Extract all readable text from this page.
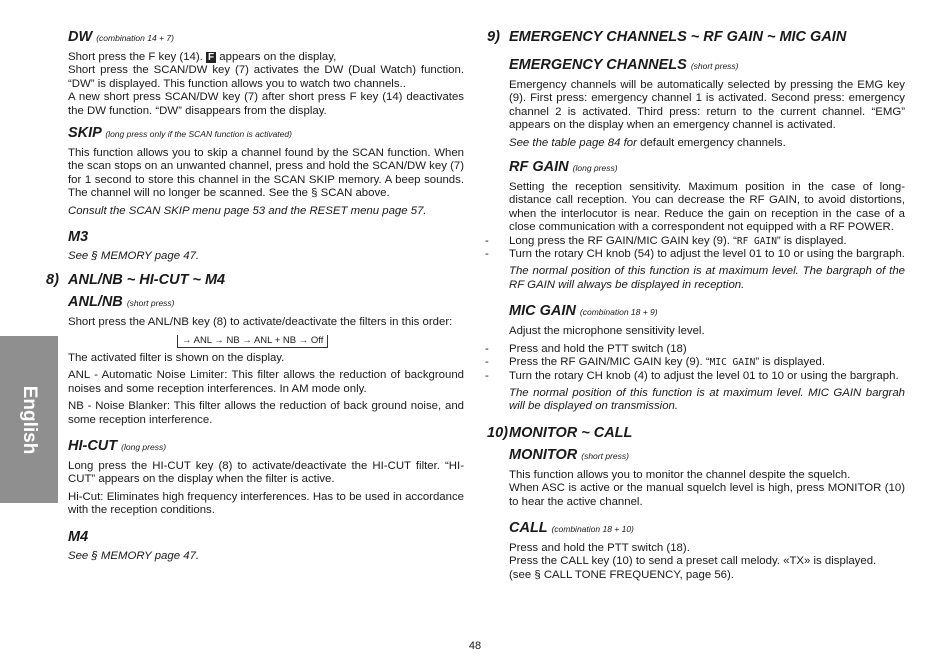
English
DW (combination 14 + 7)

Short press the F key (14). F appears on the display,

Short press the SCAN/DW key (7) activates the DW (Dual Watch) function. “DW” is displayed. This function allows you to watch two channels..

A new short press SCAN/DW key (7) after short press F key (14) deactivates the DW function. “DW” disappears from the display.

SKIP (long press only if the SCAN function is activated)

This function allows you to skip a channel found by the SCAN function. When the scan stops on an unwanted channel, press and hold the SCAN/DW key (7) for 1 second to store this channel in the SCAN SKIP memory. A beep sounds. The channel will no longer be scanned. See the § SCAN above.

Consult the SCAN SKIP menu page 53 and the RESET menu page 57.

M3

See § MEMORY page 47.

8) ANL/NB ~ HI-CUT ~ M4
ANL/NB (short press)

Short press the ANL/NB key (8) to activate/deactivate the filters in this order:

→ ANL → NB → ANL + NB → Off

The activated filter is shown on the display.

ANL - Automatic Noise Limiter: This filter allows the reduction of background noises and some reception interferences. In AM mode only.

NB - Noise Blanker: This filter allows the reduction of back ground noise, and some reception interference.

HI-CUT (long press)

Long press the HI-CUT key (8) to activate/deactivate the HI-CUT filter. “HI-CUT” appears on the display when the filter is active.

Hi-Cut: Eliminates high frequency interferences. Has to be used in accordance with the reception conditions.

M4

See § MEMORY page 47.

9) EMERGENCY CHANNELS ~ RF GAIN ~ MIC GAIN
EMERGENCY CHANNELS (short press)

Emergency channels will be automatically selected by pressing the EMG key (9). First press: emergency channel 1 is activated. Second press: emergency channel 2 is activated. Third press: return to the current channel. “EMG” appears on the display when an emergency channel is activated.

See the table page 84 for default emergency channels.

RF GAIN (long press)

Setting the reception sensitivity. Maximum position in the case of long-distance call reception. You can decrease the RF GAIN, to avoid distortions, when the interlocutor is near. Reduce the gain on reception in the case of a close communication with a correspondent not equipped with a RF POWER.

- Long press the RF GAIN/MIC GAIN key (9). “RF GAIN” is displayed.

- Turn the rotary CH knob (54) to adjust the level 01 to 10 or using the bargraph.

The normal position of this function is at maximum level. The bargraph of the RF GAIN will always be displayed in reception.

MIC GAIN (combination 18 + 9)

Adjust the microphone sensitivity level.

- Press and hold the PTT switch (18)

- Press the RF GAIN/MIC GAIN key (9). “MIC GAIN” is displayed.

- Turn the rotary CH knob (4) to adjust the level 01 to 10 or using the bargraph.

The normal position of this function is at maximum level. MIC GAIN bargrah will be displayed on transmission.

10) MONITOR ~ CALL
MONITOR (short press)

This function allows you to monitor the channel despite the squelch.

When ASC is active or the manual squelch level is high, press MONITOR (10) to hear the active channel.

CALL (combination 18 + 10)

Press and hold the PTT switch (18).

Press the CALL key (10) to send a preset call melody. «TX» is displayed.

(see § CALL TONE FREQUENCY, page 56).

48
